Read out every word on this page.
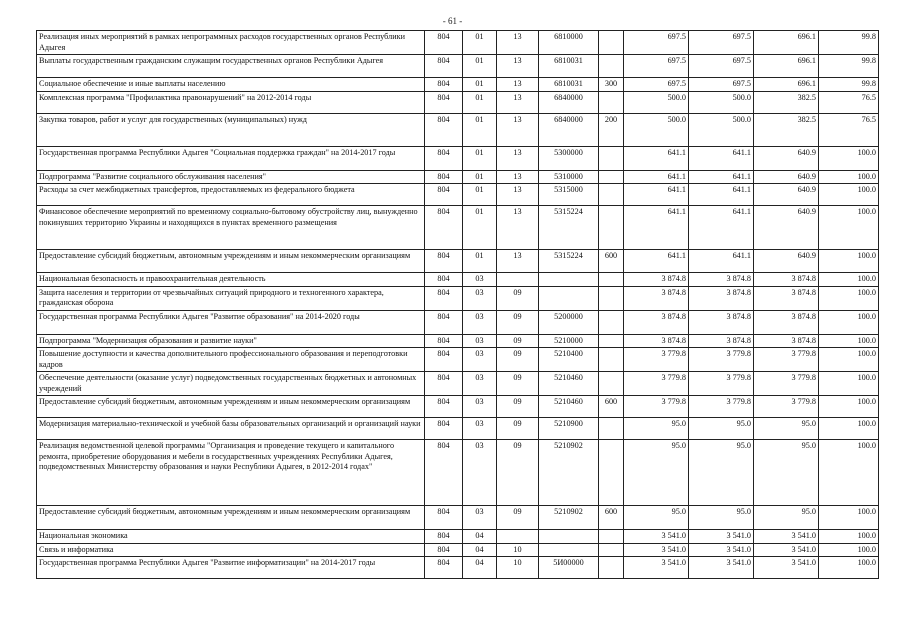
- 61 -
Реализация иных мероприятий в рамках непрограммных расходов государственных органов Республики Адыгея	804	01	13	6810000		697.5	697.5	696.1	99.8
Выплаты государственным гражданским служащим государственных органов Республики Адыгея	804	01	13	6810031		697.5	697.5	696.1	99.8
Социальное обеспечение и иные выплаты населению	804	01	13	6810031	300	697.5	697.5	696.1	99.8
Комплексная программа "Профилактика правонарушений" на 2012-2014 годы	804	01	13	6840000		500.0	500.0	382.5	76.5
Закупка товаров, работ и услуг для государственных (муниципальных) нужд	804	01	13	6840000	200	500.0	500.0	382.5	76.5
Государственная программа Республики Адыгея "Социальная поддержка граждан" на 2014-2017 годы	804	01	13	5300000		641.1	641.1	640.9	100.0
Подпрограмма "Развитие социального обслуживания населения"	804	01	13	5310000		641.1	641.1	640.9	100.0
Расходы за счет межбюджетных трансфертов, предоставляемых из федерального бюджета	804	01	13	5315000		641.1	641.1	640.9	100.0
Финансовое обеспечение мероприятий по временному социально-бытовому обустройству лиц, вынужденно покинувших территорию Украины и находящихся в пунктах временного размещения	804	01	13	5315224		641.1	641.1	640.9	100.0
Предоставление субсидий бюджетным, автономным учреждениям и иным некоммерческим организациям	804	01	13	5315224	600	641.1	641.1	640.9	100.0
Национальная безопасность и правоохранительная деятельность	804	03				3 874.8	3 874.8	3 874.8	100.0
Защита населения и территории от чрезвычайных ситуаций природного и техногенного характера, гражданская оборона	804	03	09			3 874.8	3 874.8	3 874.8	100.0
Государственная программа Республики Адыгея "Развитие образования" на 2014-2020 годы	804	03	09	5200000		3 874.8	3 874.8	3 874.8	100.0
Подпрограмма "Модернизация образования и развитие науки"	804	03	09	5210000		3 874.8	3 874.8	3 874.8	100.0
Повышение доступности и качества дополнительного профессионального образования и переподготовки кадров	804	03	09	5210400		3 779.8	3 779.8	3 779.8	100.0
Обеспечение деятельности (оказание услуг) подведомственных государственных бюджетных и автономных учреждений	804	03	09	5210460		3 779.8	3 779.8	3 779.8	100.0
Предоставление субсидий бюджетным, автономным учреждениям и иным некоммерческим организациям	804	03	09	5210460	600	3 779.8	3 779.8	3 779.8	100.0
Модернизация материально-технической и учебной базы образовательных организаций и организаций науки	804	03	09	5210900		95.0	95.0	95.0	100.0
Реализация ведомственной целевой программы "Организация и проведение текущего и капитального ремонта, приобретение оборудования и мебели в государственных учреждениях Республики Адыгея, подведомственных Министерству образования и науки Республики Адыгея, в 2012-2014 годах"	804	03	09	5210902		95.0	95.0	95.0	100.0
Предоставление субсидий бюджетным, автономным учреждениям и иным некоммерческим организациям	804	03	09	5210902	600	95.0	95.0	95.0	100.0
Национальная экономика	804	04				3 541.0	3 541.0	3 541.0	100.0
Связь и информатика	804	04	10			3 541.0	3 541.0	3 541.0	100.0
Государственная программа Республики Адыгея "Развитие информатизации" на 2014-2017 годы	804	04	10	5И00000		3 541.0	3 541.0	3 541.0	100.0
